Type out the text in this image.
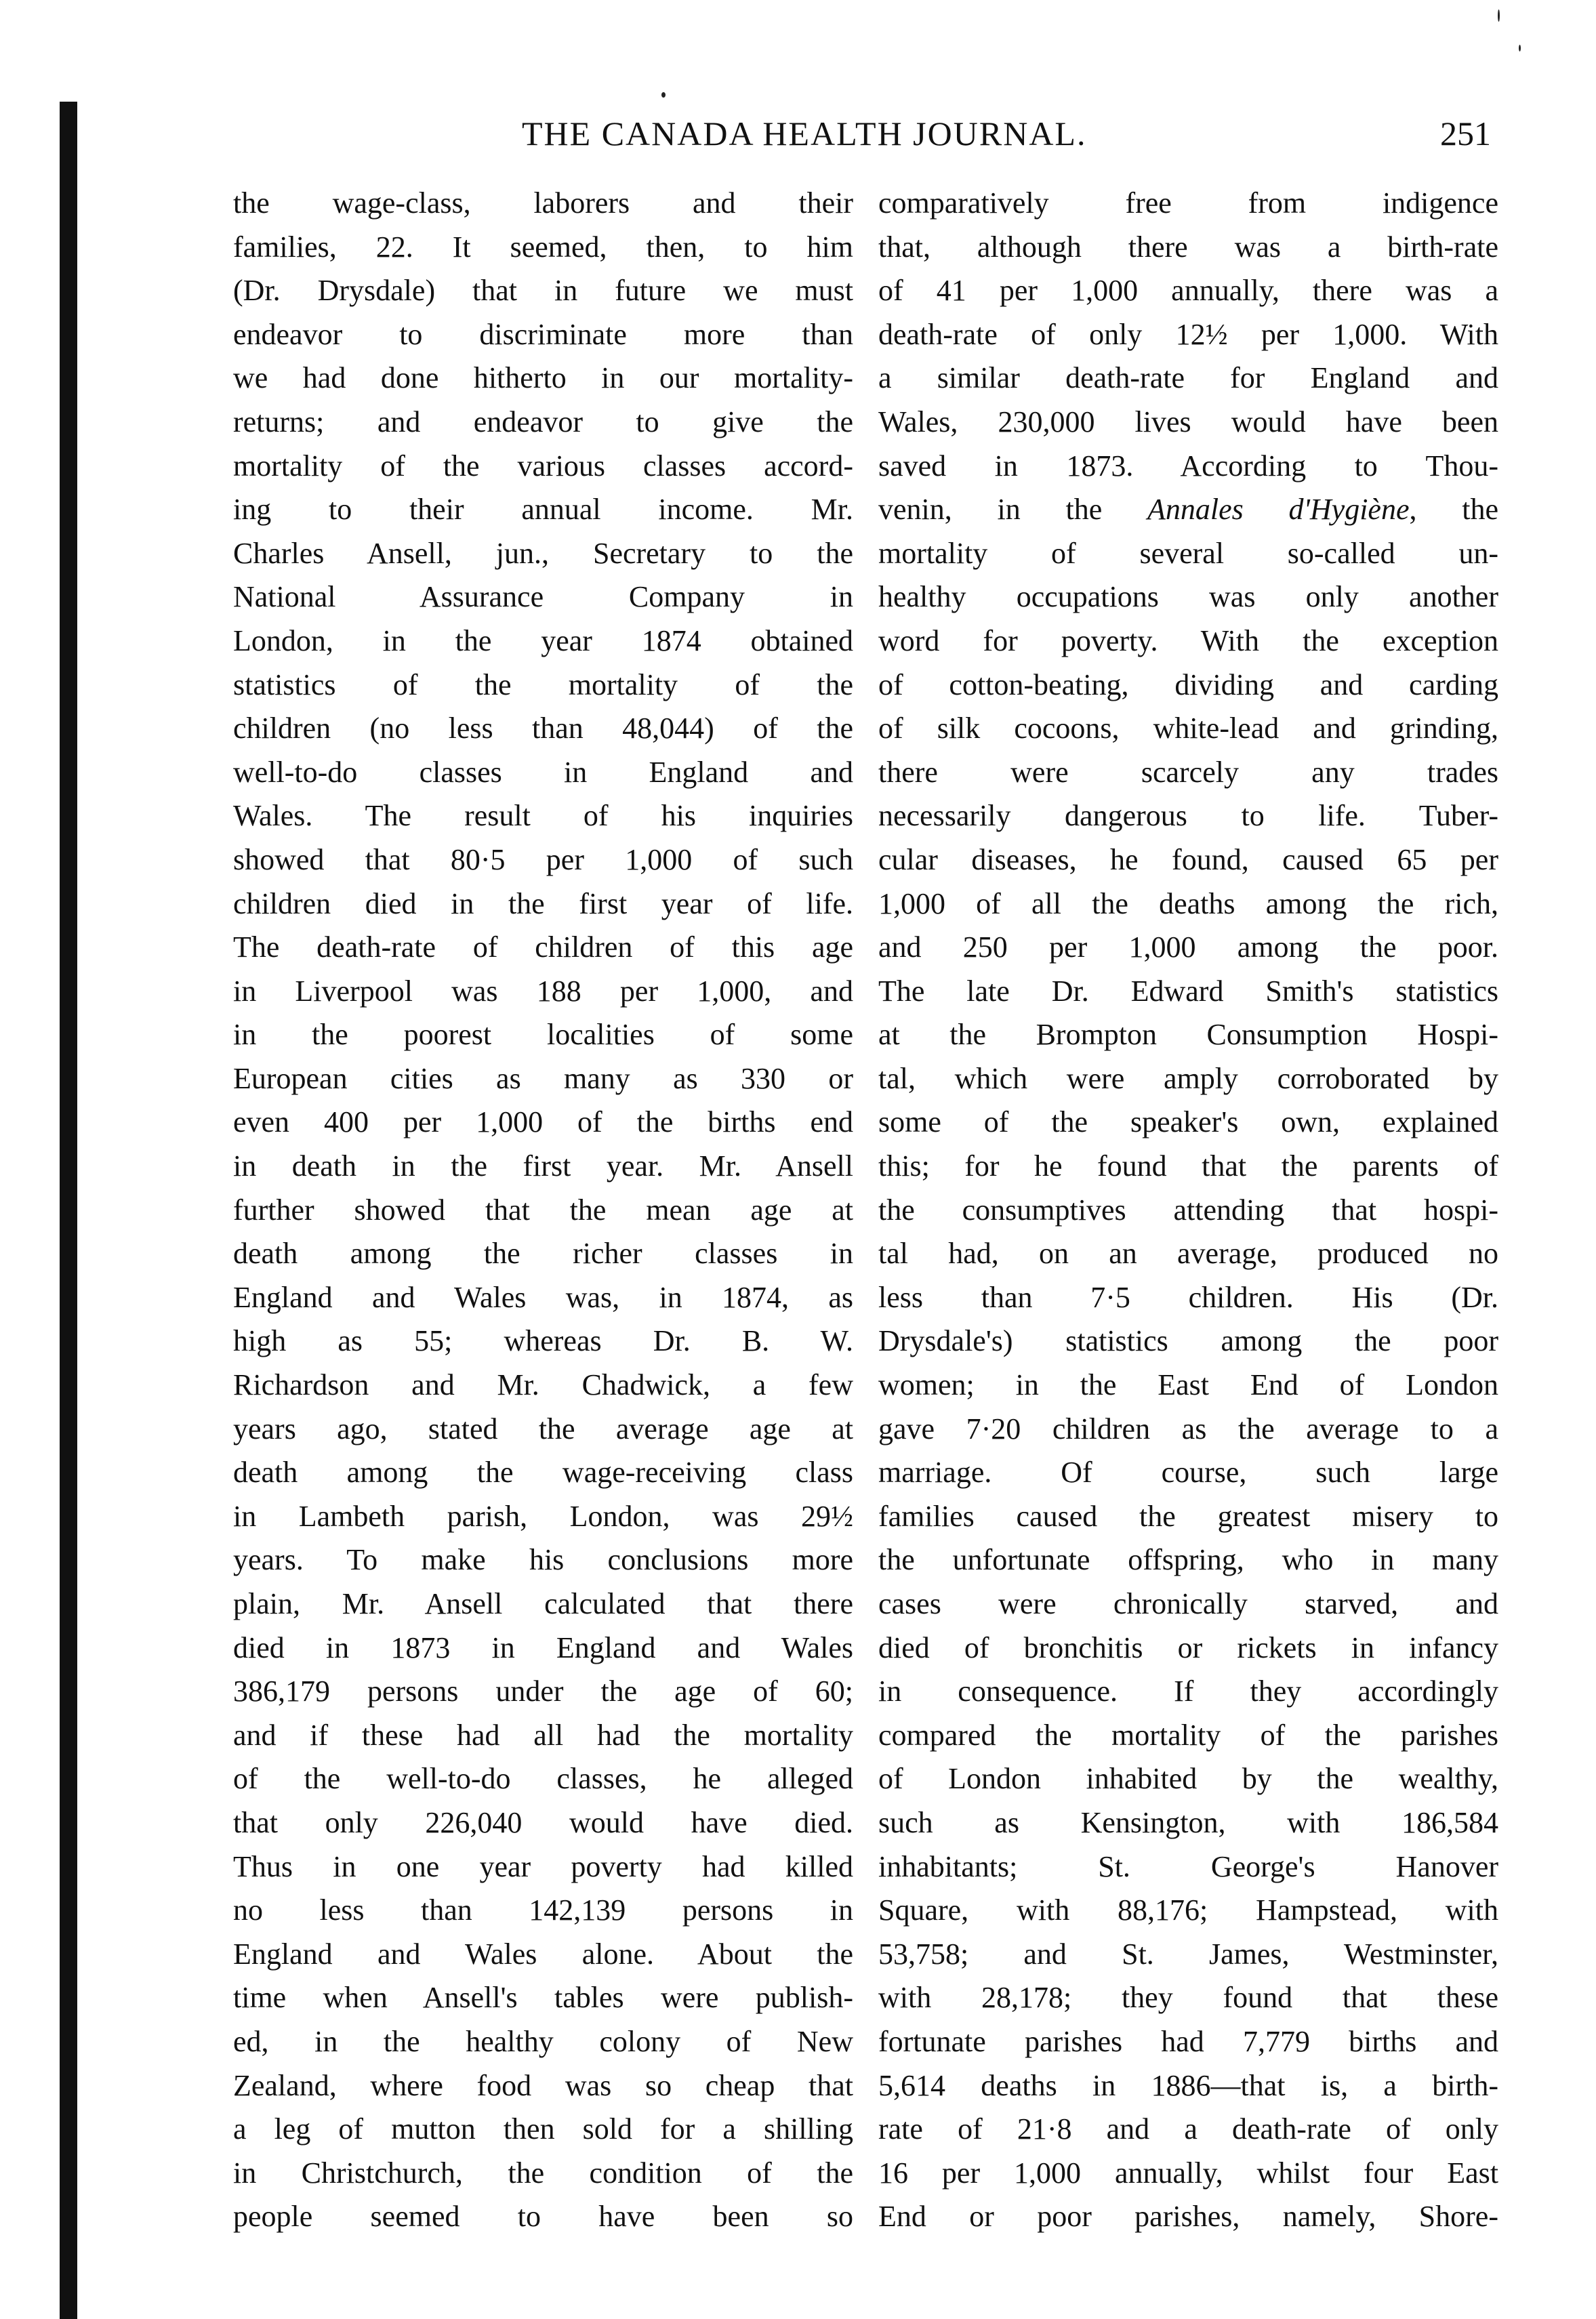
THE CANADA HEALTH JOURNAL.	251
the wage-class, laborers and their
families, 22. It seemed, then, to him
(Dr. Drysdale) that in future we must
endeavor to discriminate more than
we had done hitherto in our mortality-
returns; and endeavor to give the
mortality of the various classes accord-
ing to their annual income. Mr.
Charles Ansell, jun., Secretary to the
National Assurance Company in
London, in the year 1874 obtained
statistics of the mortality of the
children (no less than 48,044) of the
well-to-do classes in England and
Wales. The result of his inquiries
showed that 80·5 per 1,000 of such
children died in the first year of life.
The death-rate of children of this age
in Liverpool was 188 per 1,000, and
in the poorest localities of some
European cities as many as 330 or
even 400 per 1,000 of the births end
in death in the first year. Mr. Ansell
further showed that the mean age at
death among the richer classes in
England and Wales was, in 1874, as
high as 55; whereas Dr. B. W.
Richardson and Mr. Chadwick, a few
years ago, stated the average age at
death among the wage-receiving class
in Lambeth parish, London, was 29½
years. To make his conclusions more
plain, Mr. Ansell calculated that there
died in 1873 in England and Wales
386,179 persons under the age of 60;
and if these had all had the mortality
of the well-to-do classes, he alleged
that only 226,040 would have died.
Thus in one year poverty had killed
no less than 142,139 persons in
England and Wales alone. About the
time when Ansell's tables were publish-
ed, in the healthy colony of New
Zealand, where food was so cheap that
a leg of mutton then sold for a shilling
in Christchurch, the condition of the
people seemed to have been so
comparatively free from indigence
that, although there was a birth-rate
of 41 per 1,000 annually, there was a
death-rate of only 12½ per 1,000. With
a similar death-rate for England and
Wales, 230,000 lives would have been
saved in 1873. According to Thou-
venin, in the Annales d'Hygiène, the
mortality of several so-called un-
healthy occupations was only another
word for poverty. With the exception
of cotton-beating, dividing and carding
of silk cocoons, white-lead and grinding,
there were scarcely any trades
necessarily dangerous to life. Tuber-
cular diseases, he found, caused 65 per
1,000 of all the deaths among the rich,
and 250 per 1,000 among the poor.
The late Dr. Edward Smith's statistics
at the Brompton Consumption Hospi-
tal, which were amply corroborated by
some of the speaker's own, explained
this; for he found that the parents of
the consumptives attending that hospi-
tal had, on an average, produced no
less than 7·5 children. His (Dr.
Drysdale's) statistics among the poor
women; in the East End of London
gave 7·20 children as the average to a
marriage. Of course, such large
families caused the greatest misery to
the unfortunate offspring, who in many
cases were chronically starved, and
died of bronchitis or rickets in infancy
in consequence. If they accordingly
compared the mortality of the parishes
of London inhabited by the wealthy,
such as Kensington, with 186,584
inhabitants; St. George's Hanover
Square, with 88,176; Hampstead, with
53,758; and St. James, Westminster,
with 28,178; they found that these
fortunate parishes had 7,779 births and
5,614 deaths in 1886—that is, a birth-
rate of 21·8 and a death-rate of only
16 per 1,000 annually, whilst four East
End or poor parishes, namely, Shore-
